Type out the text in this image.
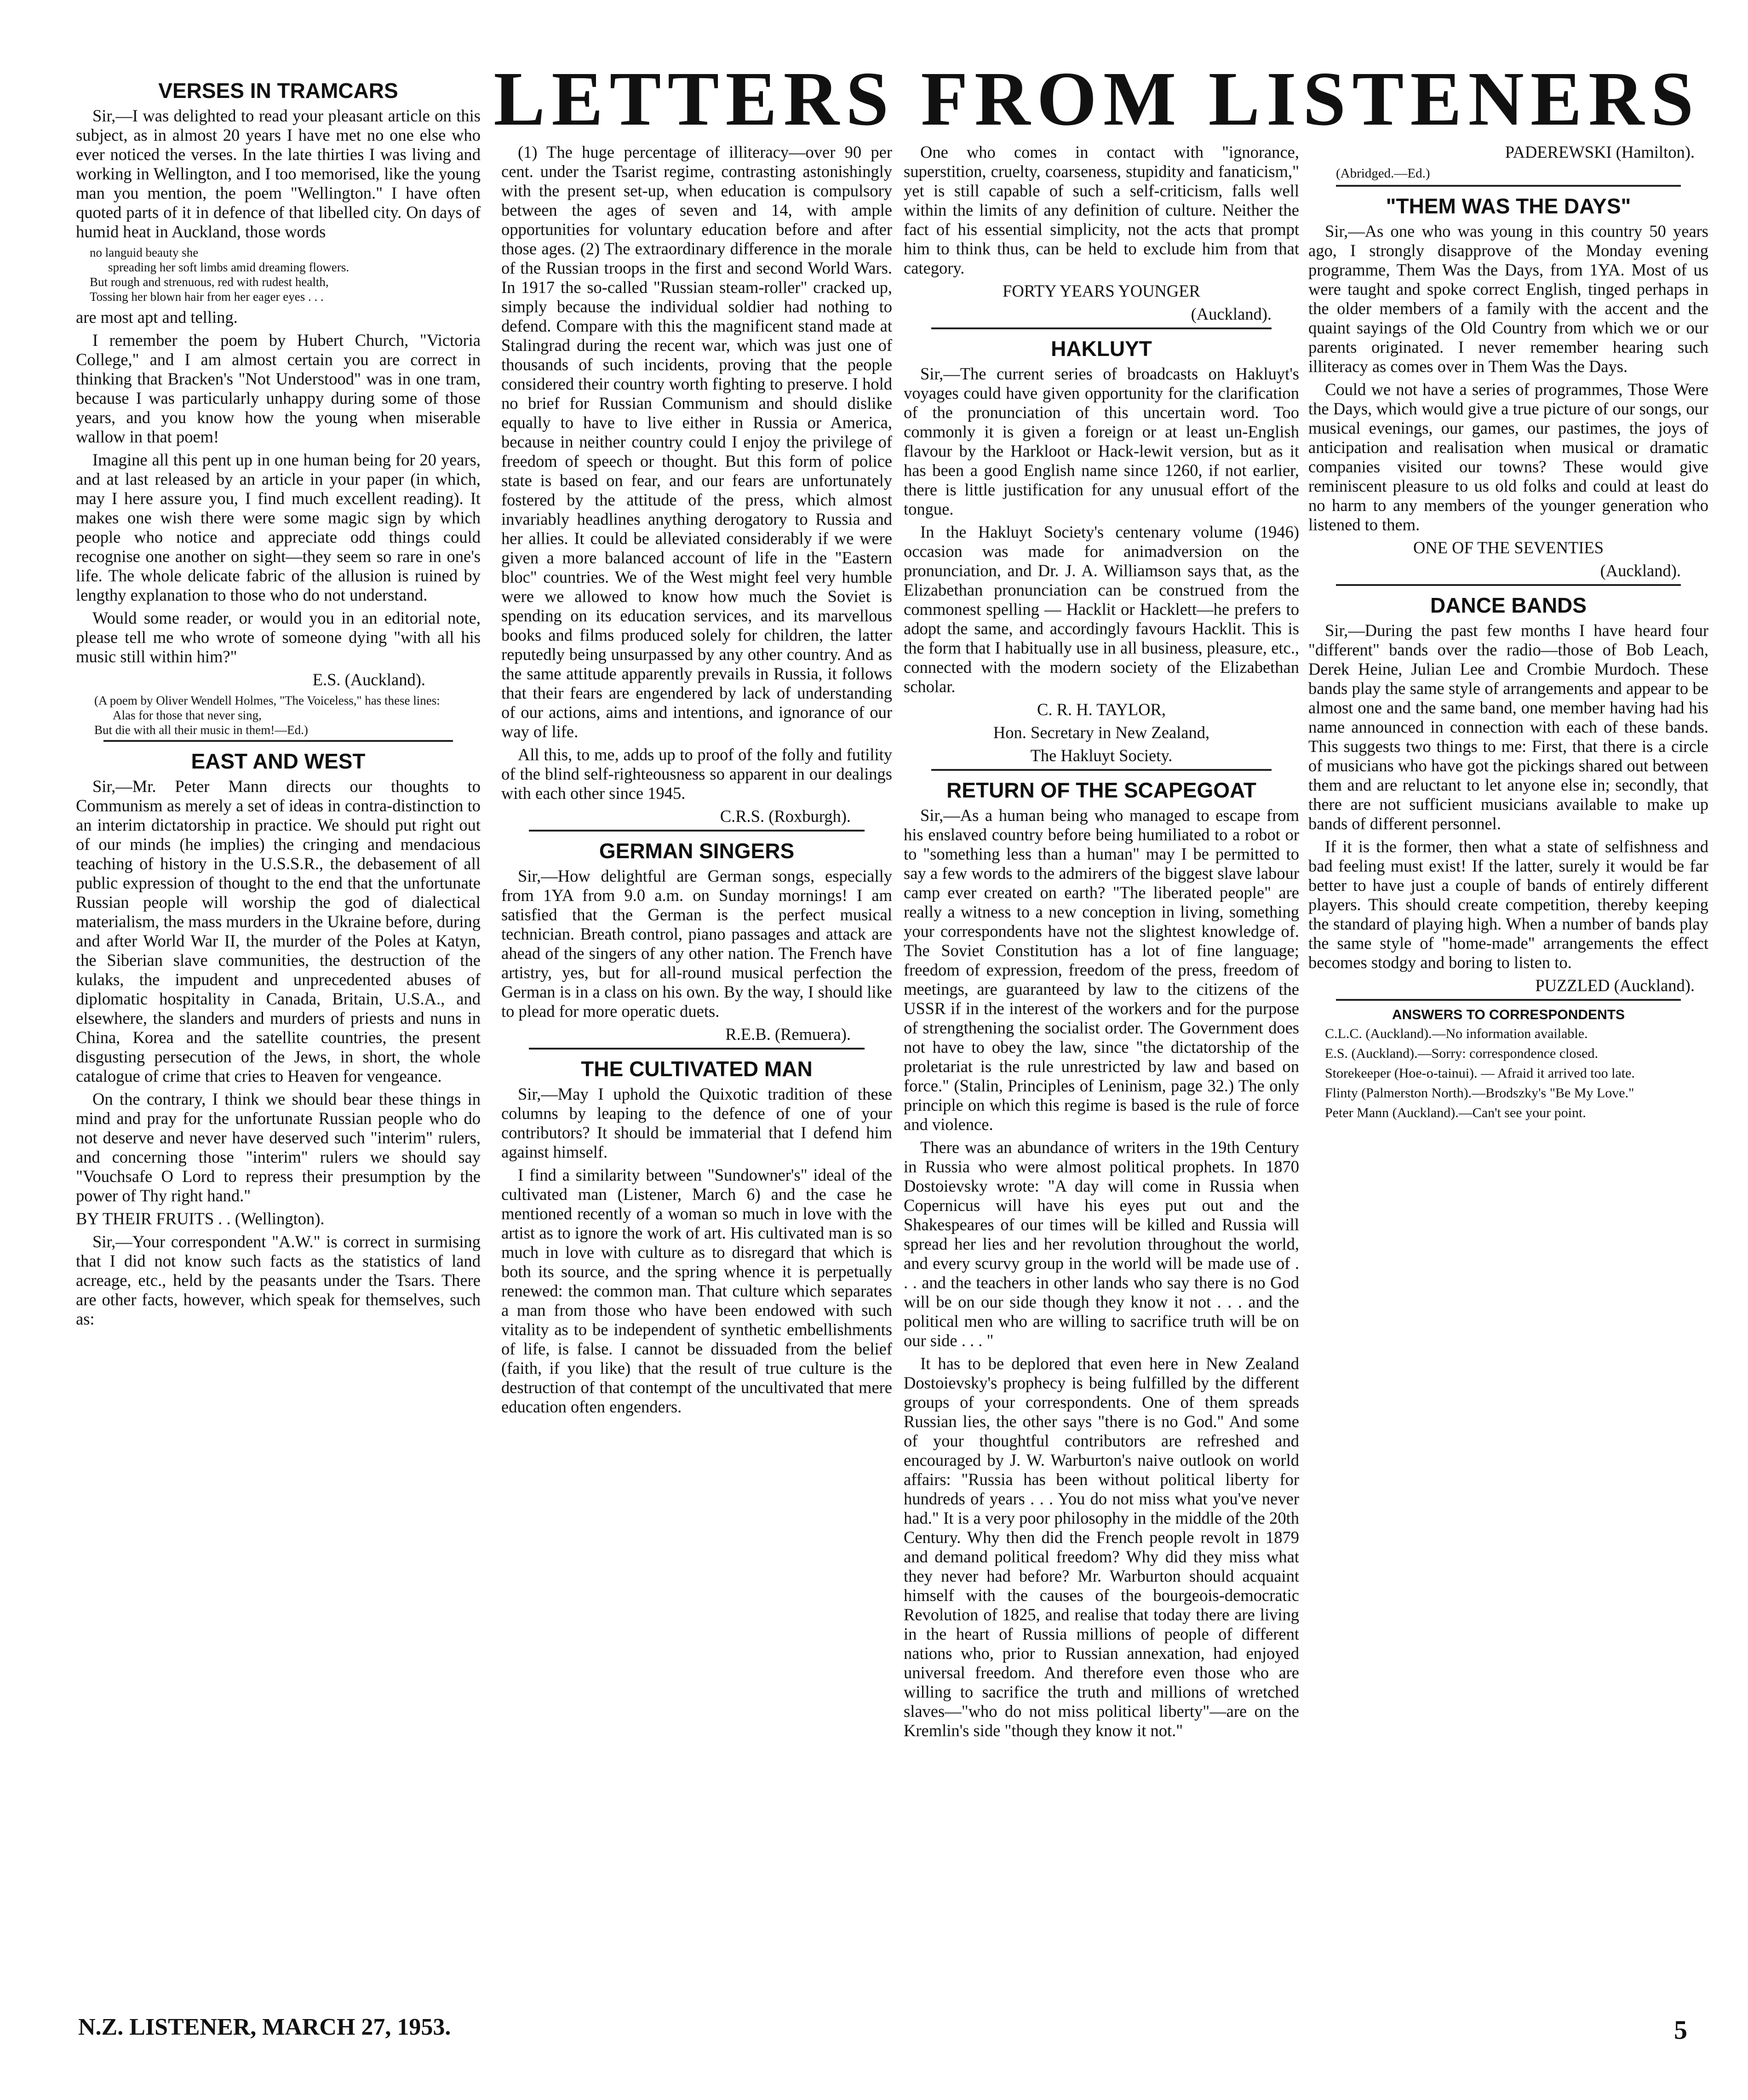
LETTERS FROM LISTENERS
VERSES IN TRAMCARS

Sir,—I was delighted to read your pleasant article on this subject, as in almost 20 years I have met no one else who ever noticed the verses. In the late thirties I was living and working in Wellington, and I too memorised, like the young man you mention, the poem "Wellington." I have often quoted parts of it in defence of that libelled city. On days of humid heat in Auckland, those words

no languid beauty she
spreading her soft limbs amid dreaming flowers.
But rough and strenuous, red with rudest health,
Tossing her blown hair from her eager eyes . . .

are most apt and telling.

I remember the poem by Hubert Church, "Victoria College," and I am almost certain you are correct in thinking that Bracken's "Not Understood" was in one tram, because I was particularly unhappy during some of those years, and you know how the young when miserable wallow in that poem!

Imagine all this pent up in one human being for 20 years, and at last released by an article in your paper (in which, may I here assure you, I find much excellent reading). It makes one wish there were some magic sign by which people who notice and appreciate odd things could recognise one another on sight—they seem so rare in one's life. The whole delicate fabric of the allusion is ruined by lengthy explanation to those who do not understand.

Would some reader, or would you in an editorial note, please tell me who wrote of someone dying "with all his music still within him?"

E.S. (Auckland).

(A poem by Oliver Wendell Holmes, "The Voiceless," has these lines:
Alas for those that never sing,
But die with all their music in them!—Ed.)
EAST AND WEST

Sir,—Mr. Peter Mann directs our thoughts to Communism as merely a set of ideas in contra-distinction to an interim dictatorship in practice. We should put right out of our minds (he implies) the cringing and mendacious teaching of history in the U.S.S.R., the debasement of all public expression of thought to the end that the unfortunate Russian people will worship the god of dialectical materialism, the mass murders in the Ukraine before, during and after World War II, the murder of the Poles at Katyn, the Siberian slave communities, the destruction of the kulaks, the impudent and unprecedented abuses of diplomatic hospitality in Canada, Britain, U.S.A., and elsewhere, the slanders and murders of priests and nuns in China, Korea and the satellite countries, the present disgusting persecution of the Jews, in short, the whole catalogue of crime that cries to Heaven for vengeance.

On the contrary, I think we should bear these things in mind and pray for the unfortunate Russian people who do not deserve and never have deserved such "interim" rulers, and concerning those "interim" rulers we should say "Vouchsafe O Lord to repress their presumption by the power of Thy right hand."

BY THEIR FRUITS . . (Wellington).

Sir,—Your correspondent "A.W." is correct in surmising that I did not know such facts as the statistics of land acreage, etc., held by the peasants under the Tsars. There are other facts, however, which speak for themselves, such as:

(1) The huge percentage of illiteracy—over 90 per cent. under the Tsarist regime, contrasting astonishingly with the present set-up, when education is compulsory between the ages of seven and 14, with ample opportunities for voluntary education before and after those ages. (2) The extraordinary difference in the morale of the Russian troops in the first and second World Wars. In 1917 the so-called "Russian steam-roller" cracked up, simply because the individual soldier had nothing to defend. Compare with this the magnificent stand made at Stalingrad during the recent war, which was just one of thousands of such incidents, proving that the people considered their country worth fighting to preserve. I hold no brief for Russian Communism and should dislike equally to have to live either in Russia or America, because in neither country could I enjoy the privilege of freedom of speech or thought. But this form of police state is based on fear, and our fears are unfortunately fostered by the attitude of the press, which almost invariably headlines anything derogatory to Russia and her allies. It could be alleviated considerably if we were given a more balanced account of life in the "Eastern bloc" countries. We of the West might feel very humble were we allowed to know how much the Soviet is spending on its education services, and its marvellous books and films produced solely for children, the latter reputedly being unsurpassed by any other country. And as the same attitude apparently prevails in Russia, it follows that their fears are engendered by lack of understanding of our actions, aims and intentions, and ignorance of our way of life.

All this, to me, adds up to proof of the folly and futility of the blind self-righteousness so apparent in our dealings with each other since 1945.

C.R.S. (Roxburgh).

GERMAN SINGERS

Sir,—How delightful are German songs, especially from 1YA from 9.0 a.m. on Sunday mornings! I am satisfied that the German is the perfect musical technician. Breath control, piano passages and attack are ahead of the singers of any other nation. The French have artistry, yes, but for all-round musical perfection the German is in a class on his own. By the way, I should like to plead for more operatic duets.

R.E.B. (Remuera).

THE CULTIVATED MAN

Sir,—May I uphold the Quixotic tradition of these columns by leaping to the defence of one of your contributors? It should be immaterial that I defend him against himself.

I find a similarity between "Sundowner's" ideal of the cultivated man (Listener, March 6) and the case he mentioned recently of a woman so much in love with the artist as to ignore the work of art. His cultivated man is so much in love with culture as to disregard that which is both its source, and the spring whence it is perpetually renewed: the common man. That culture which separates a man from those who have been endowed with such vitality as to be independent of synthetic embellishments of life, is false. I cannot be dissuaded from the belief (faith, if you like) that the result of true culture is the destruction of that contempt of the uncultivated that mere education often engenders.

One who comes in contact with "ignorance, superstition, cruelty, coarseness, stupidity and fanaticism," yet is still capable of such a self-criticism, falls well within the limits of any definition of culture. Neither the fact of his essential simplicity, not the acts that prompt him to think thus, can be held to exclude him from that category.

FORTY YEARS YOUNGER

(Auckland).

HAKLUYT

Sir,—The current series of broadcasts on Hakluyt's voyages could have given opportunity for the clarification of the pronunciation of this uncertain word. Too commonly it is given a foreign or at least un-English flavour by the Harkloot or Hack-lewit version, but as it has been a good English name since 1260, if not earlier, there is little justification for any unusual effort of the tongue.

In the Hakluyt Society's centenary volume (1946) occasion was made for animadversion on the pronunciation, and Dr. J. A. Williamson says that, as the Elizabethan pronunciation can be construed from the commonest spelling — Hacklit or Hacklett—he prefers to adopt the same, and accordingly favours Hacklit. This is the form that I habitually use in all business, pleasure, etc., connected with the modern society of the Elizabethan scholar.

C. R. H. TAYLOR,

Hon. Secretary in New Zealand,

The Hakluyt Society.

RETURN OF THE SCAPEGOAT

Sir,—As a human being who managed to escape from his enslaved country before being humiliated to a robot or to "something less than a human" may I be permitted to say a few words to the admirers of the biggest slave labour camp ever created on earth? "The liberated people" are really a witness to a new conception in living, something your correspondents have not the slightest knowledge of. The Soviet Constitution has a lot of fine language; freedom of expression, freedom of the press, freedom of meetings, are guaranteed by law to the citizens of the USSR if in the interest of the workers and for the purpose of strengthening the socialist order. The Government does not have to obey the law, since "the dictatorship of the proletariat is the rule unrestricted by law and based on force." (Stalin, Principles of Leninism, page 32.) The only principle on which this regime is based is the rule of force and violence.

There was an abundance of writers in the 19th Century in Russia who were almost political prophets. In 1870 Dostoievsky wrote: "A day will come in Russia when Copernicus will have his eyes put out and the Shakespeares of our times will be killed and Russia will spread her lies and her revolution throughout the world, and every scurvy group in the world will be made use of . . . and the teachers in other lands who say there is no God will be on our side though they know it not . . . and the political men who are willing to sacrifice truth will be on our side . . . "

It has to be deplored that even here in New Zealand Dostoievsky's prophecy is being fulfilled by the different groups of your correspondents. One of them spreads Russian lies, the other says "there is no God." And some of your thoughtful contributors are refreshed and encouraged by J. W. Warburton's naive outlook on world affairs: "Russia has been without political liberty for hundreds of years . . . You do not miss what you've never had." It is a very poor philosophy in the middle of the 20th Century. Why then did the French people revolt in 1879 and demand political freedom? Why did they miss what they never had before? Mr. Warburton should acquaint himself with the causes of the bourgeois-democratic Revolution of 1825, and realise that today there are living in the heart of Russia millions of people of different nations who, prior to Russian annexation, had enjoyed universal freedom. And therefore even those who are willing to sacrifice the truth and millions of wretched slaves—"who do not miss political liberty"—are on the Kremlin's side "though they know it not."

PADEREWSKI (Hamilton).

(Abridged.—Ed.)

"THEM WAS THE DAYS"

Sir,—As one who was young in this country 50 years ago, I strongly disapprove of the Monday evening programme, Them Was the Days, from 1YA. Most of us were taught and spoke correct English, tinged perhaps in the older members of a family with the accent and the quaint sayings of the Old Country from which we or our parents originated. I never remember hearing such illiteracy as comes over in Them Was the Days.

Could we not have a series of programmes, Those Were the Days, which would give a true picture of our songs, our musical evenings, our games, our pastimes, the joys of anticipation and realisation when musical or dramatic companies visited our towns? These would give reminiscent pleasure to us old folks and could at least do no harm to any members of the younger generation who listened to them.

ONE OF THE SEVENTIES

(Auckland).

DANCE BANDS

Sir,—During the past few months I have heard four "different" bands over the radio—those of Bob Leach, Derek Heine, Julian Lee and Crombie Murdoch. These bands play the same style of arrangements and appear to be almost one and the same band, one member having had his name announced in connection with each of these bands. This suggests two things to me: First, that there is a circle of musicians who have got the pickings shared out between them and are reluctant to let anyone else in; secondly, that there are not sufficient musicians available to make up bands of different personnel.

If it is the former, then what a state of selfishness and bad feeling must exist! If the latter, surely it would be far better to have just a couple of bands of entirely different players. This should create competition, thereby keeping the standard of playing high. When a number of bands play the same style of "home-made" arrangements the effect becomes stodgy and boring to listen to.

PUZZLED (Auckland).

ANSWERS TO CORRESPONDENTS

C.L.C. (Auckland).—No information available.

E.S. (Auckland).—Sorry: correspondence closed.

Storekeeper (Hoe-o-tainui). — Afraid it arrived too late.

Flinty (Palmerston North).—Brodszky's "Be My Love."

Peter Mann (Auckland).—Can't see your point.

N.Z. LISTENER, MARCH 27, 1953.	5
